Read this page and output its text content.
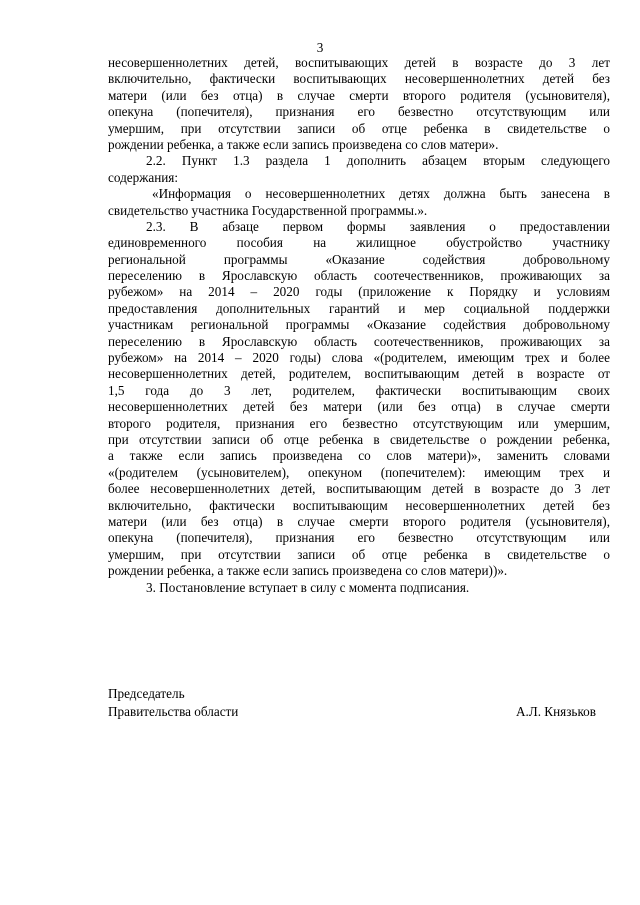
3
несовершеннолетних детей, воспитывающих детей в возрасте до 3 лет
включительно, фактически воспитывающих несовершеннолетних детей без
матери (или без отца) в случае смерти второго родителя (усыновителя),
опекуна (попечителя), признания его безвестно отсутствующим или
умершим, при отсутствии записи об отце ребенка в свидетельстве о
рождении ребенка, а также если запись произведена со слов матери».
2.2. Пункт 1.3 раздела 1 дополнить абзацем вторым следующего
содержания:
«Информация о несовершеннолетних детях должна быть занесена в
свидетельство участника Государственной программы.».
2.3. В абзаце первом формы заявления о предоставлении
единовременного пособия на жилищное обустройство участнику
региональной программы «Оказание содействия добровольному
переселению в Ярославскую область соотечественников, проживающих за
рубежом» на 2014 – 2020 годы (приложение к Порядку и условиям
предоставления дополнительных гарантий и мер социальной поддержки
участникам региональной программы «Оказание содействия добровольному
переселению в Ярославскую область соотечественников, проживающих за
рубежом» на 2014 – 2020 годы) слова «(родителем, имеющим трех и более
несовершеннолетних детей, родителем, воспитывающим детей в возрасте от
1,5 года до 3 лет, родителем, фактически воспитывающим своих
несовершеннолетних детей без матери (или без отца) в случае смерти
второго родителя, признания его безвестно отсутствующим или умершим,
при отсутствии записи об отце ребенка в свидетельстве о рождении ребенка,
а также если запись произведена со слов матери)», заменить словами
«(родителем (усыновителем), опекуном (попечителем): имеющим трех и
более несовершеннолетних детей, воспитывающим детей в возрасте до 3 лет
включительно, фактически воспитывающим несовершеннолетних детей без
матери (или без отца) в случае смерти второго родителя (усыновителя),
опекуна (попечителя), признания его безвестно отсутствующим или
умершим, при отсутствии записи об отце ребенка в свидетельстве о
рождении ребенка, а также если запись произведена со слов матери))».
3. Постановление вступает в силу с момента подписания.
Председатель
Правительства области	А.Л. Князьков
